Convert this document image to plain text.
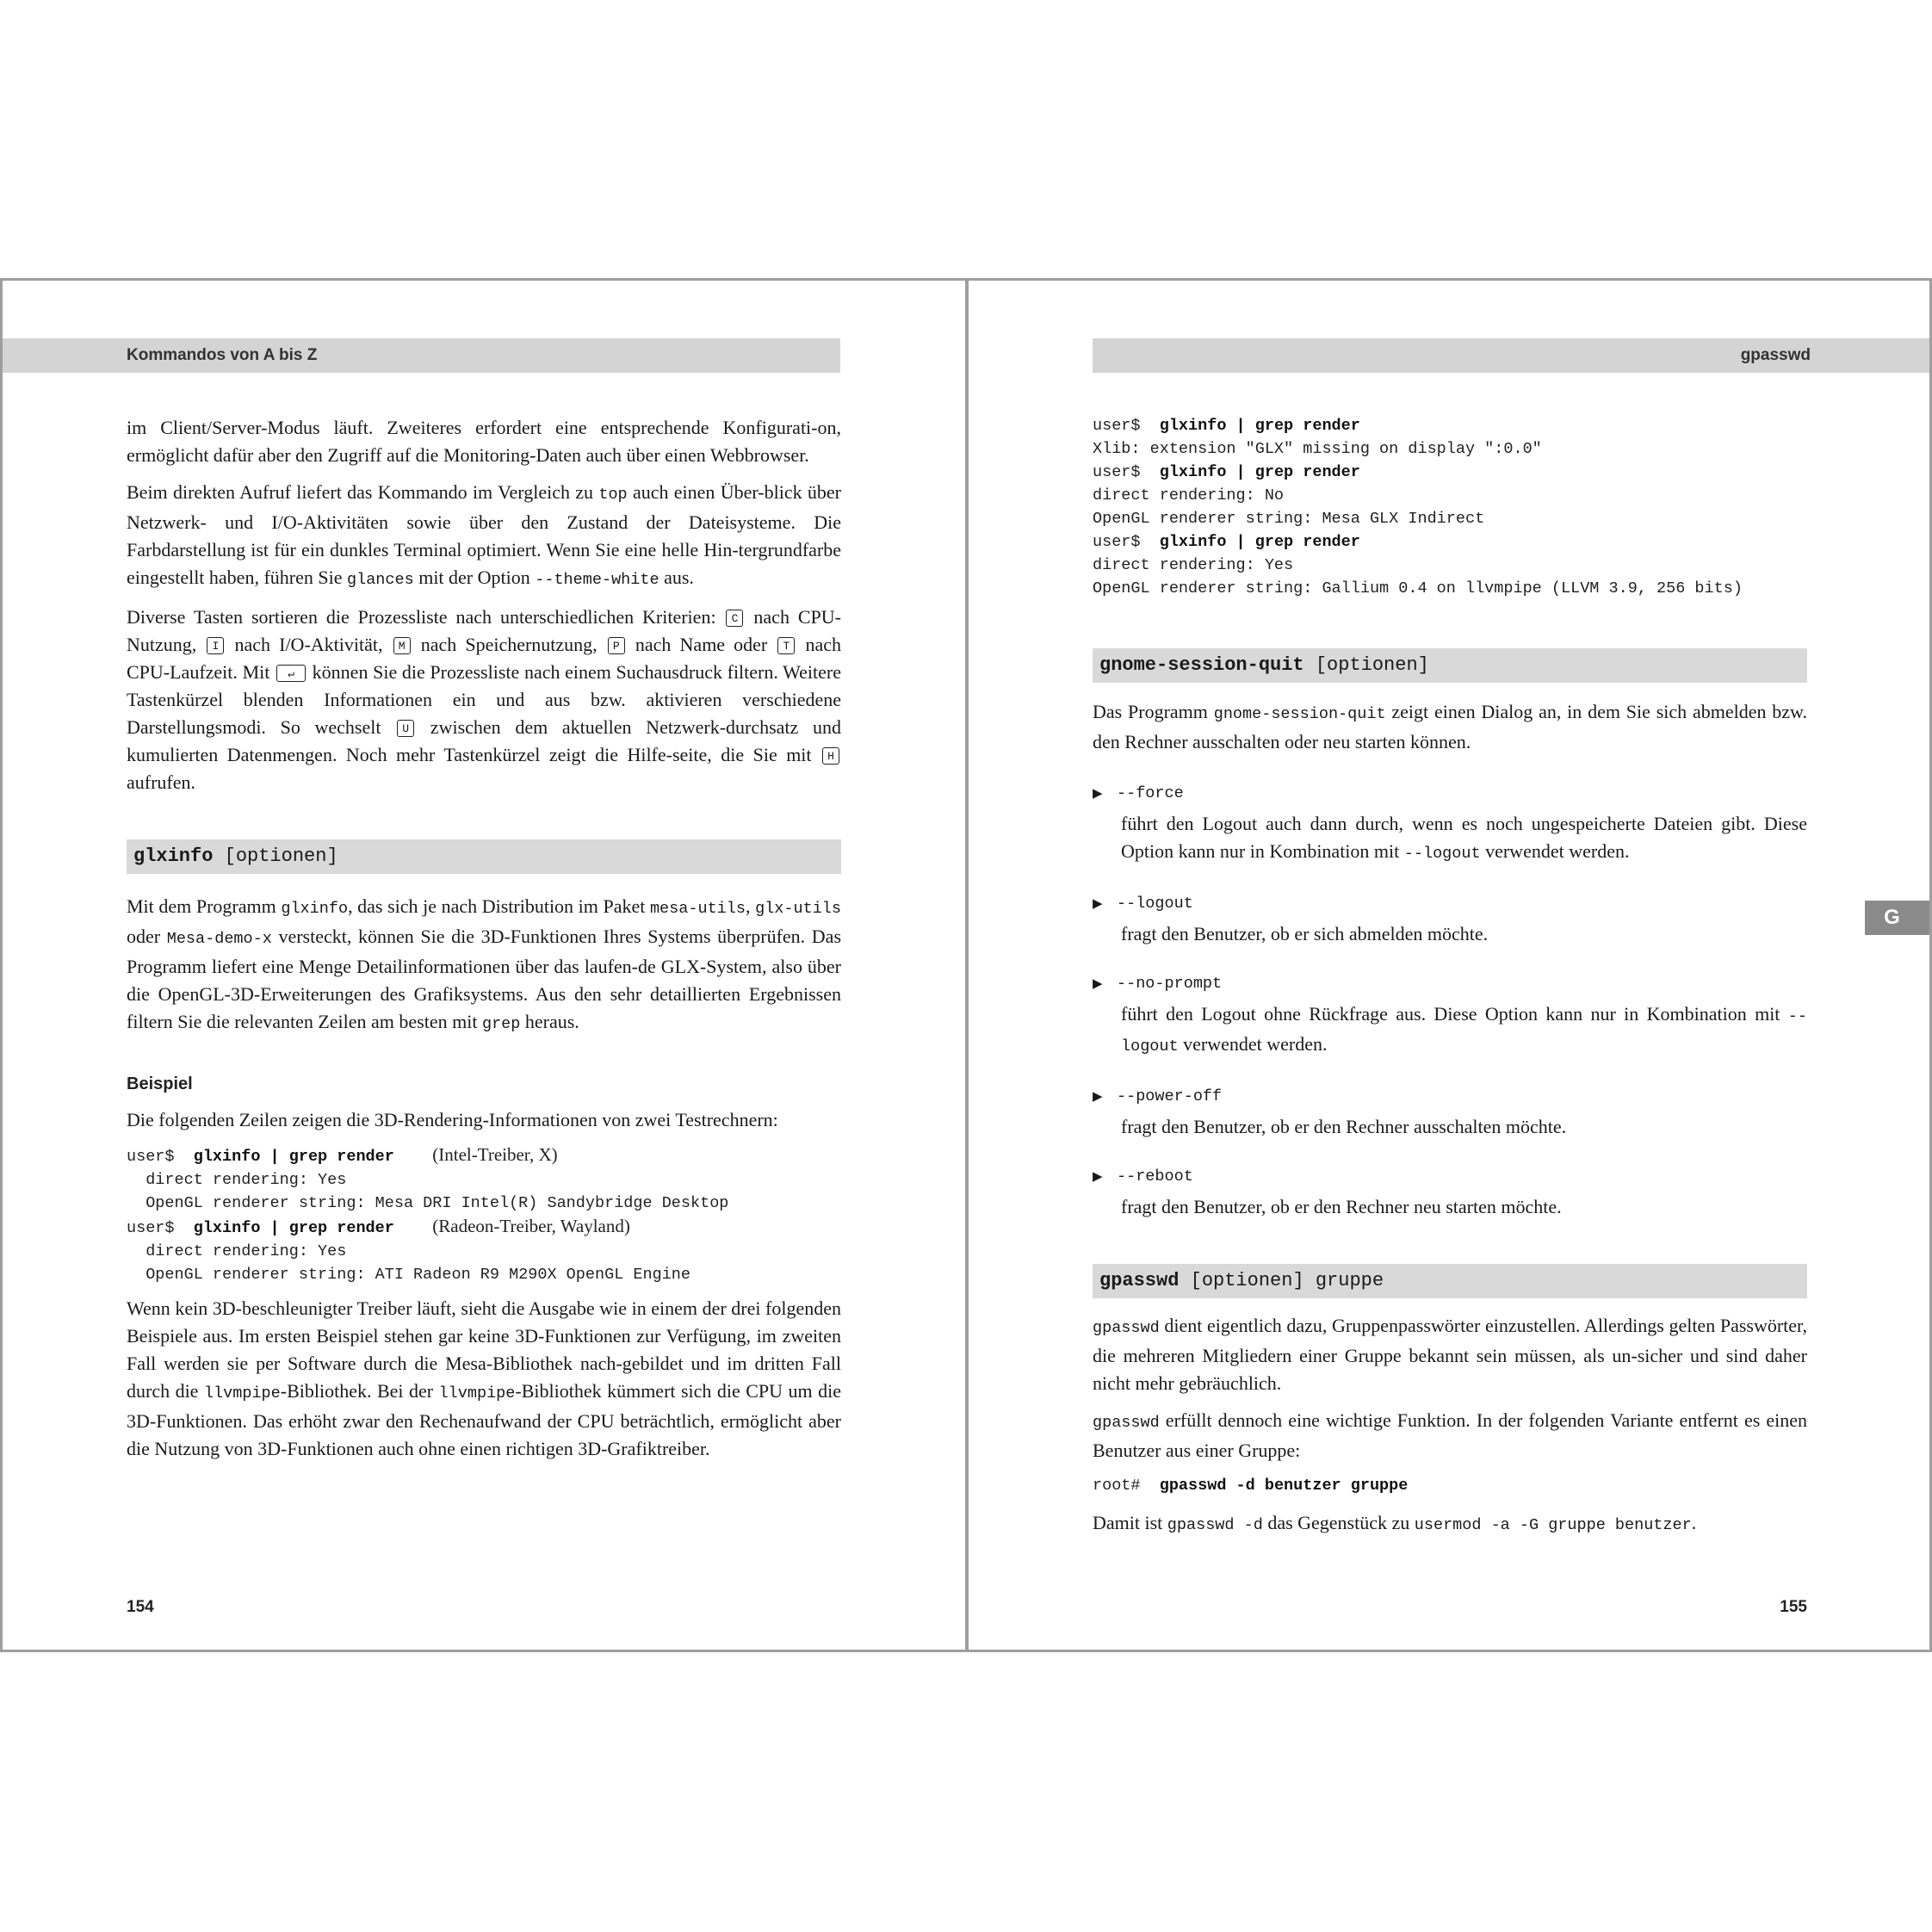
Kommandos von A bis Z

im Client/Server-Modus läuft. Zweiteres erfordert eine entsprechende Konfigurati-on, ermöglicht dafür aber den Zugriff auf die Monitoring-Daten auch über einen Webbrowser.

Beim direkten Aufruf liefert das Kommando im Vergleich zu top auch einen Über-blick über Netzwerk- und I/O-Aktivitäten sowie über den Zustand der Dateisysteme. Die Farbdarstellung ist für ein dunkles Terminal optimiert. Wenn Sie eine helle Hin-tergrundfarbe eingestellt haben, führen Sie glances mit der Option --theme-white aus.

Diverse Tasten sortieren die Prozessliste nach unterschiedlichen Kriterien: C nach CPU-Nutzung, I nach I/O-Aktivität, M nach Speichernutzung, P nach Name oder T nach CPU-Laufzeit. Mit ↵ können Sie die Prozessliste nach einem Suchausdruck filtern. Weitere Tastenkürzel blenden Informationen ein und aus bzw. aktivieren verschiedene Darstellungsmodi. So wechselt U zwischen dem aktuellen Netzwerk-durchsatz und kumulierten Datenmengen. Noch mehr Tastenkürzel zeigt die Hilfe-seite, die Sie mit H aufrufen.

glxinfo [optionen]

Mit dem Programm glxinfo, das sich je nach Distribution im Paket mesa-utils, glx-utils oder Mesa-demo-x versteckt, können Sie die 3D-Funktionen Ihres Systems überprüfen. Das Programm liefert eine Menge Detailinformationen über das laufen-de GLX-System, also über die OpenGL-3D-Erweiterungen des Grafiksystems. Aus den sehr detaillierten Ergebnissen filtern Sie die relevanten Zeilen am besten mit grep heraus.

Beispiel

Die folgenden Zeilen zeigen die 3D-Rendering-Informationen von zwei Testrechnern:

user$  glxinfo | grep render (Intel-Treiber, X)
direct rendering: Yes
OpenGL renderer string: Mesa DRI Intel(R) Sandybridge Desktop
user$  glxinfo | grep render (Radeon-Treiber, Wayland)
direct rendering: Yes
OpenGL renderer string: ATI Radeon R9 M290X OpenGL Engine

Wenn kein 3D-beschleunigter Treiber läuft, sieht die Ausgabe wie in einem der drei folgenden Beispiele aus. Im ersten Beispiel stehen gar keine 3D-Funktionen zur Verfügung, im zweiten Fall werden sie per Software durch die Mesa-Bibliothek nach-gebildet und im dritten Fall durch die llvmpipe-Bibliothek. Bei der llvmpipe-Bibliothek kümmert sich die CPU um die 3D-Funktionen. Das erhöht zwar den Rechenaufwand der CPU beträchtlich, ermöglicht aber die Nutzung von 3D-Funktionen auch ohne einen richtigen 3D-Grafiktreiber.

154
gpasswd
G
user$  glxinfo | grep render
Xlib: extension "GLX" missing on display ":0.0"
user$  glxinfo | grep render
direct rendering: No
OpenGL renderer string: Mesa GLX Indirect
user$  glxinfo | grep render
direct rendering: Yes
OpenGL renderer string: Gallium 0.4 on llvmpipe (LLVM 3.9, 256 bits)
gnome-session-quit [optionen]

Das Programm gnome-session-quit zeigt einen Dialog an, in dem Sie sich abmelden bzw. den Rechner ausschalten oder neu starten können.

▶ --force

führt den Logout auch dann durch, wenn es noch ungespeicherte Dateien gibt. Diese Option kann nur in Kombination mit --logout verwendet werden.

▶ --logout

fragt den Benutzer, ob er sich abmelden möchte.

▶ --no-prompt

führt den Logout ohne Rückfrage aus. Diese Option kann nur in Kombination mit --logout verwendet werden.

▶ --power-off

fragt den Benutzer, ob er den Rechner ausschalten möchte.

▶ --reboot

fragt den Benutzer, ob er den Rechner neu starten möchte.

gpasswd [optionen] gruppe

gpasswd dient eigentlich dazu, Gruppenpasswörter einzustellen. Allerdings gelten Passwörter, die mehreren Mitgliedern einer Gruppe bekannt sein müssen, als un-sicher und sind daher nicht mehr gebräuchlich.

gpasswd erfüllt dennoch eine wichtige Funktion. In der folgenden Variante entfernt es einen Benutzer aus einer Gruppe:

root#  gpasswd -d benutzer gruppe

Damit ist gpasswd -d das Gegenstück zu usermod -a -G gruppe benutzer.

155
